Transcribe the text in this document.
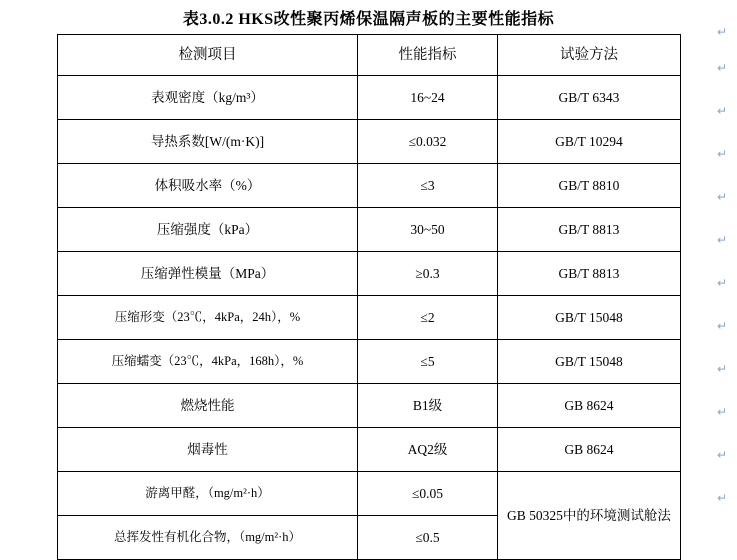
表3.0.2 HKS改性聚丙烯保温隔声板的主要性能指标
检测项目	性能指标	试验方法

表观密度（kg/m³）	16~24	GB/T 6343

导热系数[W/(m·K)]	≤0.032	GB/T 10294

体积吸水率（%）	≤3	GB/T 8810

压缩强度（kPa）	30~50	GB/T 8813

压缩弹性模量（MPa）	≥0.3	GB/T 8813

压缩形变（23℃，4kPa，24h），%	≤2	GB/T 15048

压缩蠕变（23℃，4kPa，168h），%	≤5	GB/T 15048

燃烧性能	B1级	GB 8624

烟毒性	AQ2级	GB 8624

游离甲醛，（mg/m²·h）	≤0.05	GB 50325中的环境测试舱法

总挥发性有机化合物，（mg/m²·h）	≤0.5	
↵
↵
↵
↵
↵
↵
↵
↵
↵
↵
↵
↵
